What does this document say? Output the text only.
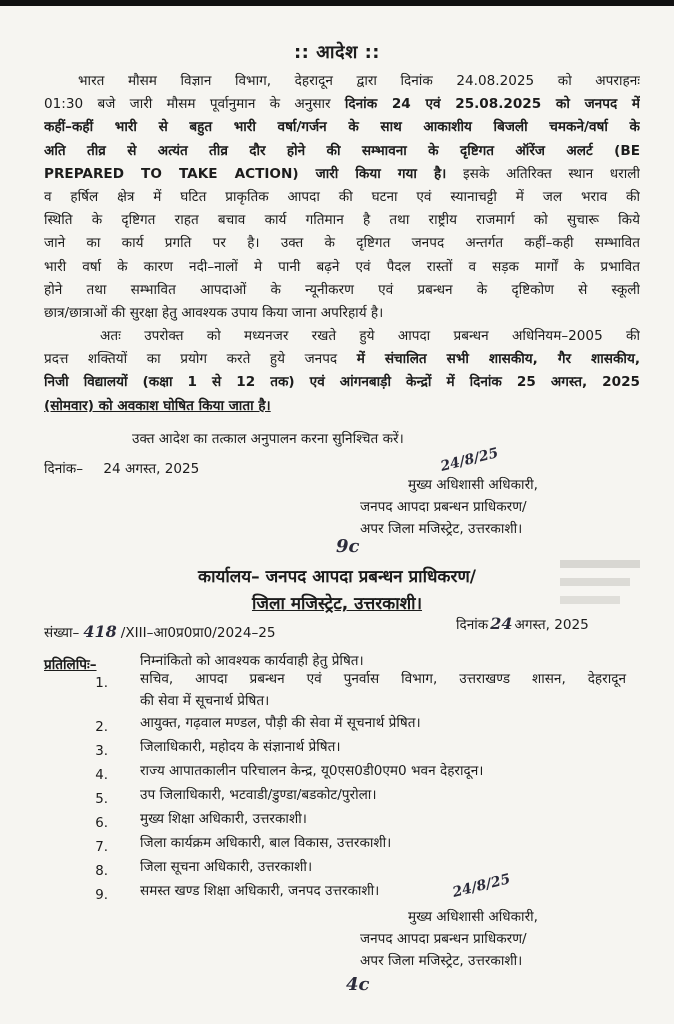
:: आदेश ::
भारत मौसम विज्ञान विभाग, देहरादून द्वारा दिनांक 24.08.2025 को अपराहनः
01:30 बजे जारी मौसम पूर्वानुमान के अनुसार दिनांक 24 एवं 25.08.2025 को जनपद में
कहीं–कहीं भारी से बहुत भारी वर्षा/गर्जन के साथ आकाशीय बिजली चमकने/वर्षा के
अति तीव्र से अत्यंत तीव्र दौर होने की सम्भावना के दृष्टिगत ऑरेंज अलर्ट (BE
PREPARED TO TAKE ACTION) जारी किया गया है। इसके अतिरिक्त स्थान धराली
व हर्षिल क्षेत्र में घटित प्राकृतिक आपदा की घटना एवं स्यानाचट्टी में जल भराव की
स्थिति के दृष्टिगत राहत बचाव कार्य गतिमान है तथा राष्ट्रीय राजमार्ग को सुचारू किये
जाने का कार्य प्रगति पर है। उक्त के दृष्टिगत जनपद अन्तर्गत कहीं–कही सम्भावित
भारी वर्षा के कारण नदी–नालों मे पानी बढ़ने एवं पैदल रास्तों व सड़क मार्गों के प्रभावित
होने तथा सम्भावित आपदाओं के न्यूनीकरण एवं प्रबन्धन के दृष्टिकोण से स्कूली
छात्र/छात्राओं की सुरक्षा हेतु आवश्यक उपाय किया जाना अपरिहार्य है।
अतः उपरोक्त को मध्यनजर रखते हुये आपदा प्रबन्धन अधिनियम–2005 की
प्रदत्त शक्तियों का प्रयोग करते हुये जनपद में संचालित सभी शासकीय, गैर शासकीय,
निजी विद्यालयों (कक्षा 1 से 12 तक) एवं आंगनबाड़ी केन्द्रों में दिनांक 25 अगस्त, 2025
(सोमवार) को अवकाश घोषित किया जाता है।
उक्त आदेश का तत्काल अनुपालन करना सुनिश्चित करें।
दिनांक– 24 अगस्त, 2025	24/8/25
मुख्य अधिशासी अधिकारी,
जनपद आपदा प्रबन्धन प्राधिकरण/
अपर जिला मजिस्ट्रेट, उत्तरकाशी।
9c
कार्यालय– जनपद आपदा प्रबन्धन प्राधिकरण/
जिला मजिस्ट्रेट, उत्तरकाशी।
संख्या– 418 /XIII–आ0प्र0प्रा0/2024–25	दिनांक 24 अगस्त, 2025
प्रतिलिपिः–	निम्नांकितो को आवश्यक कार्यवाही हेतु प्रेषित।
1. सचिव, आपदा प्रबन्धन एवं पुनर्वास विभाग, उत्तराखण्ड शासन, देहरादून
की सेवा में सूचनार्थ प्रेषित।
2. आयुक्त, गढ़वाल मण्डल, पौड़ी की सेवा में सूचनार्थ प्रेषित।
3. जिलाधिकारी, महोदय के संज्ञानार्थ प्रेषित।
4. राज्य आपातकालीन परिचालन केन्द्र, यू0एस0डी0एम0 भवन देहरादून।
5. उप जिलाधिकारी, भटवाडी/डुण्डा/बडकोट/पुरोला।
6. मुख्य शिक्षा अधिकारी, उत्तरकाशी।
7. जिला कार्यक्रम अधिकारी, बाल विकास, उत्तरकाशी।
8. जिला सूचना अधिकारी, उत्तरकाशी।
9. समस्त खण्ड शिक्षा अधिकारी, जनपद उत्तरकाशी।	24/8/25
मुख्य अधिशासी अधिकारी,
जनपद आपदा प्रबन्धन प्राधिकरण/
अपर जिला मजिस्ट्रेट, उत्तरकाशी।
4c
